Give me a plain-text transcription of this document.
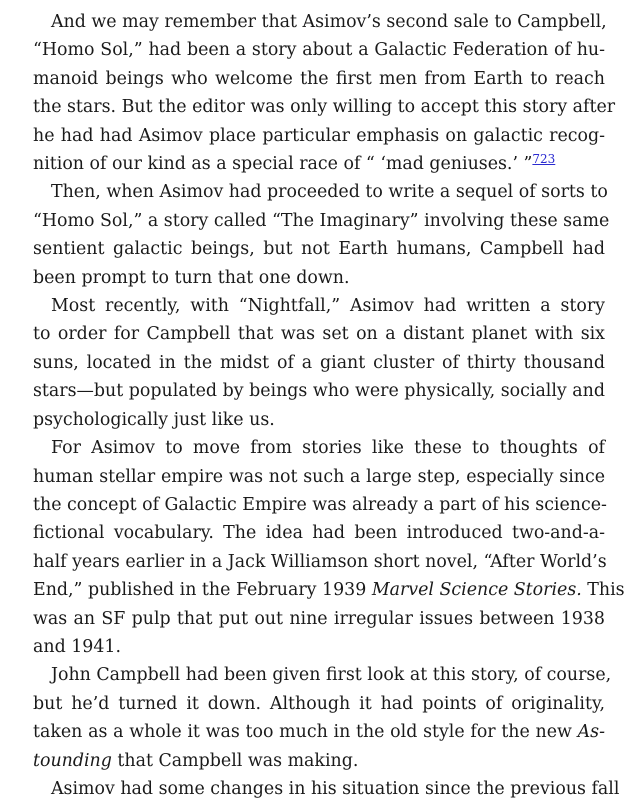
And we may remember that Asimov’s second sale to Campbell,
“Homo Sol,” had been a story about a Galactic Federation of hu-
manoid beings who welcome the first men from Earth to reach
the stars. But the editor was only willing to accept this story after
he had had Asimov place particular emphasis on galactic recog-
nition of our kind as a special race of “ ‘mad geniuses.’ ”$^{723}$

Then, when Asimov had proceeded to write a sequel of sorts to
“Homo Sol,” a story called “The Imaginary” involving these same
sentient galactic beings, but not Earth humans, Campbell had
been prompt to turn that one down.

Most recently, with “Nightfall,” Asimov had written a story
to order for Campbell that was set on a distant planet with six
suns, located in the midst of a giant cluster of thirty thousand
stars—but populated by beings who were physically, socially and
psychologically just like us.

For Asimov to move from stories like these to thoughts of
human stellar empire was not such a large step, especially since
the concept of Galactic Empire was already a part of his science-
fictional vocabulary. The idea had been introduced two-and-a-
half years earlier in a Jack Williamson short novel, “After World’s
End,” published in the February 1939 Marvel Science Stories. This
was an SF pulp that put out nine irregular issues between 1938
and 1941.

John Campbell had been given first look at this story, of course,
but he’d turned it down. Although it had points of originality,
taken as a whole it was too much in the old style for the new As-
tounding that Campbell was making.

Asimov had some changes in his situation since the previous fall
